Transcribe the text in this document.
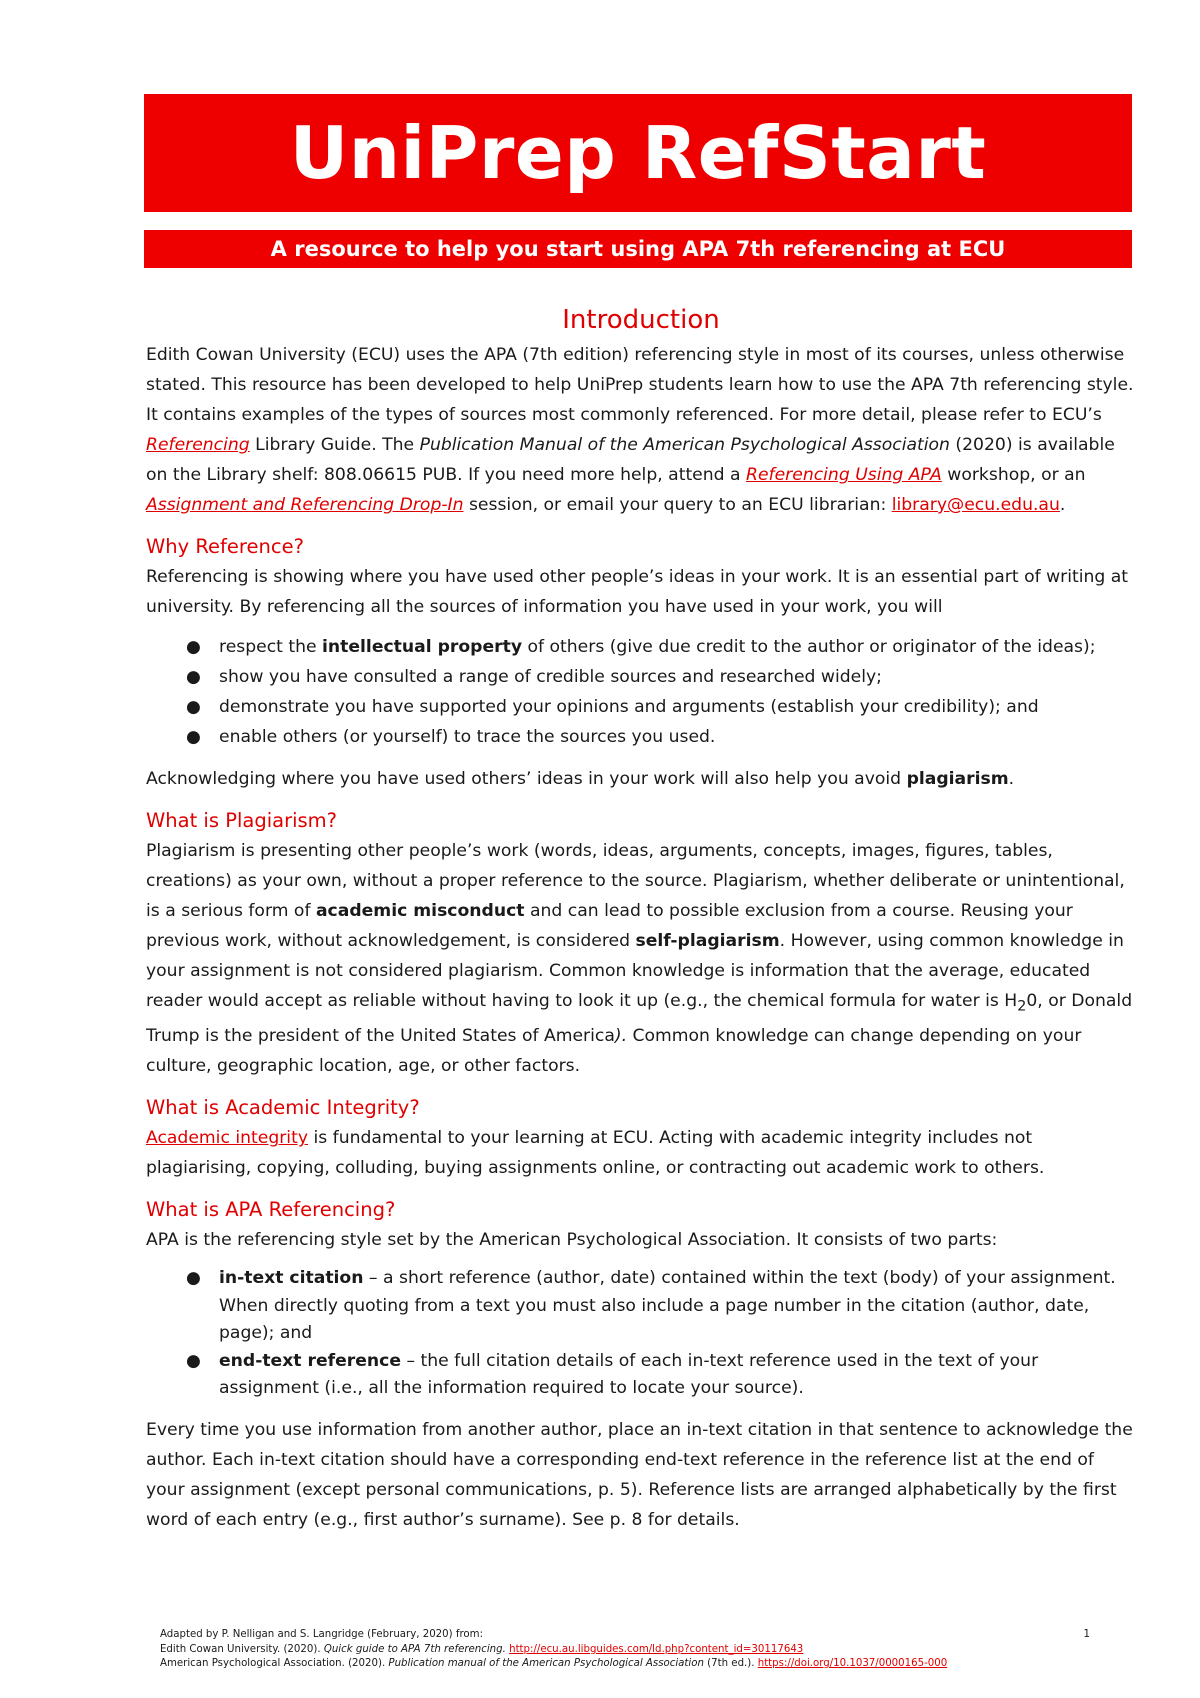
UniPrep RefStart
A resource to help you start using APA 7th referencing at ECU
Introduction

Edith Cowan University (ECU) uses the APA (7th edition) referencing style in most of its courses, unless otherwise stated. This resource has been developed to help UniPrep students learn how to use the APA 7th referencing style. It contains examples of the types of sources most commonly referenced. For more detail, please refer to ECU’s Referencing Library Guide. The Publication Manual of the American Psychological Association (2020) is available on the Library shelf: 808.06615 PUB. If you need more help, attend a Referencing Using APA workshop, or an Assignment and Referencing Drop-In session, or email your query to an ECU librarian: library@ecu.edu.au.

Why Reference?

Referencing is showing where you have used other people’s ideas in your work. It is an essential part of writing at university. By referencing all the sources of information you have used in your work, you will

● respect the intellectual property of others (give due credit to the author or originator of the ideas);
● show you have consulted a range of credible sources and researched widely;
● demonstrate you have supported your opinions and arguments (establish your credibility); and
● enable others (or yourself) to trace the sources you used.

Acknowledging where you have used others’ ideas in your work will also help you avoid plagiarism.

What is Plagiarism?

Plagiarism is presenting other people’s work (words, ideas, arguments, concepts, images, figures, tables, creations) as your own, without a proper reference to the source. Plagiarism, whether deliberate or unintentional, is a serious form of academic misconduct and can lead to possible exclusion from a course. Reusing your previous work, without acknowledgement, is considered self-plagiarism. However, using common knowledge in your assignment is not considered plagiarism. Common knowledge is information that the average, educated reader would accept as reliable without having to look it up (e.g., the chemical formula for water is $H_20$, or Donald Trump is the president of the United States of America). Common knowledge can change depending on your culture, geographic location, age, or other factors.

What is Academic Integrity?

Academic integrity is fundamental to your learning at ECU. Acting with academic integrity includes not plagiarising, copying, colluding, buying assignments online, or contracting out academic work to others.

What is APA Referencing?

APA is the referencing style set by the American Psychological Association. It consists of two parts:

● in-text citation – a short reference (author, date) contained within the text (body) of your assignment. When directly quoting from a text you must also include a page number in the citation (author, date, page); and
● end-text reference – the full citation details of each in-text reference used in the text of your assignment (i.e., all the information required to locate your source).

Every time you use information from another author, place an in-text citation in that sentence to acknowledge the author. Each in-text citation should have a corresponding end-text reference in the reference list at the end of your assignment (except personal communications, p. 5). Reference lists are arranged alphabetically by the first word of each entry (e.g., first author’s surname). See p. 8 for details.

Adapted by P. Nelligan and S. Langridge (February, 2020) from:	1

Edith Cowan University. (2020). Quick guide to APA 7th referencing. http://ecu.au.libguides.com/ld.php?content_id=30117643

American Psychological Association. (2020). Publication manual of the American Psychological Association (7th ed.). https://doi.org/10.1037/0000165-000
